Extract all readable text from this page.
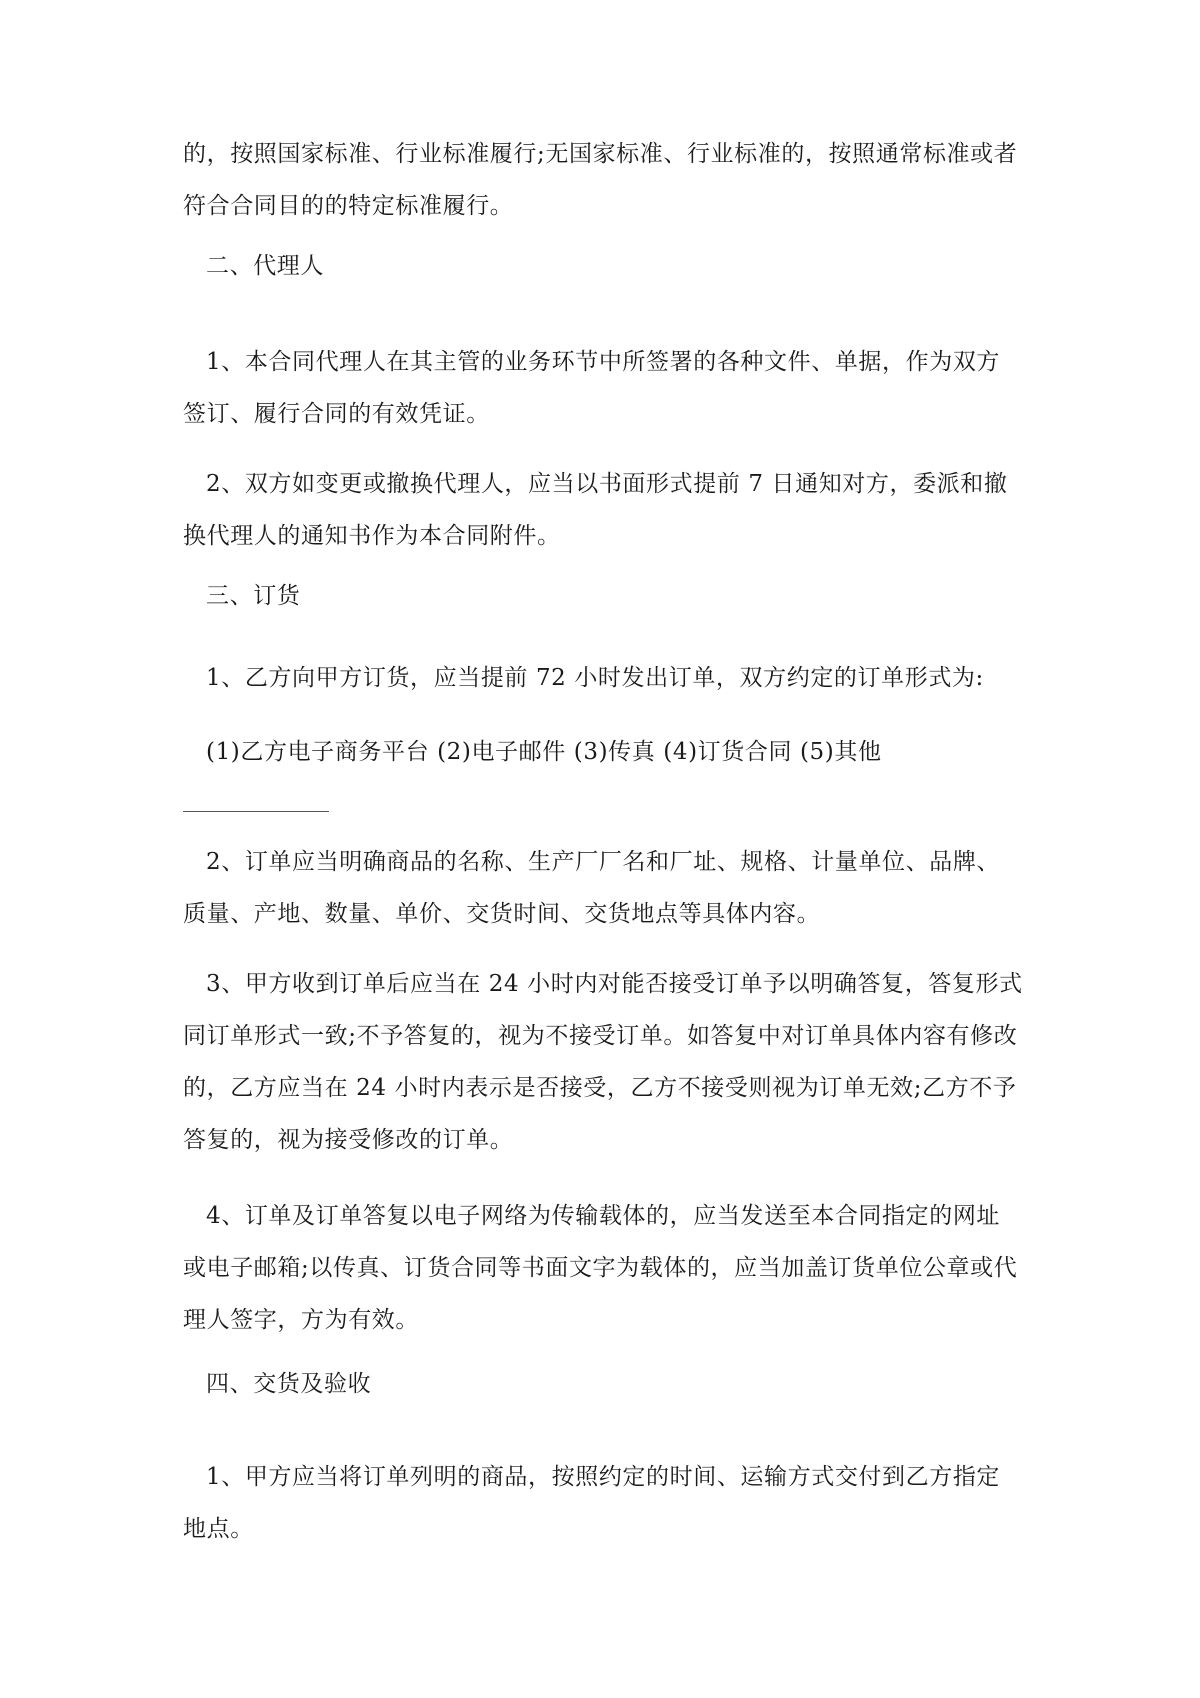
的，按照国家标准、行业标准履行;无国家标准、行业标准的，按照通常标准或者符合合同目的的特定标准履行。

二、代理人

1、本合同代理人在其主管的业务环节中所签署的各种文件、单据，作为双方签订、履行合同的有效凭证。

2、双方如变更或撤换代理人，应当以书面形式提前 7 日通知对方，委派和撤换代理人的通知书作为本合同附件。

三、订货

1、乙方向甲方订货，应当提前 72 小时发出订单，双方约定的订单形式为:

(1)乙方电子商务平台 (2)电子邮件 (3)传真 (4)订货合同 (5)其他

2、订单应当明确商品的名称、生产厂厂名和厂址、规格、计量单位、品牌、质量、产地、数量、单价、交货时间、交货地点等具体内容。

3、甲方收到订单后应当在 24 小时内对能否接受订单予以明确答复，答复形式同订单形式一致;不予答复的，视为不接受订单。如答复中对订单具体内容有修改的，乙方应当在 24 小时内表示是否接受，乙方不接受则视为订单无效;乙方不予答复的，视为接受修改的订单。

4、订单及订单答复以电子网络为传输载体的，应当发送至本合同指定的网址或电子邮箱;以传真、订货合同等书面文字为载体的，应当加盖订货单位公章或代理人签字，方为有效。

四、交货及验收

1、甲方应当将订单列明的商品，按照约定的时间、运输方式交付到乙方指定地点。
